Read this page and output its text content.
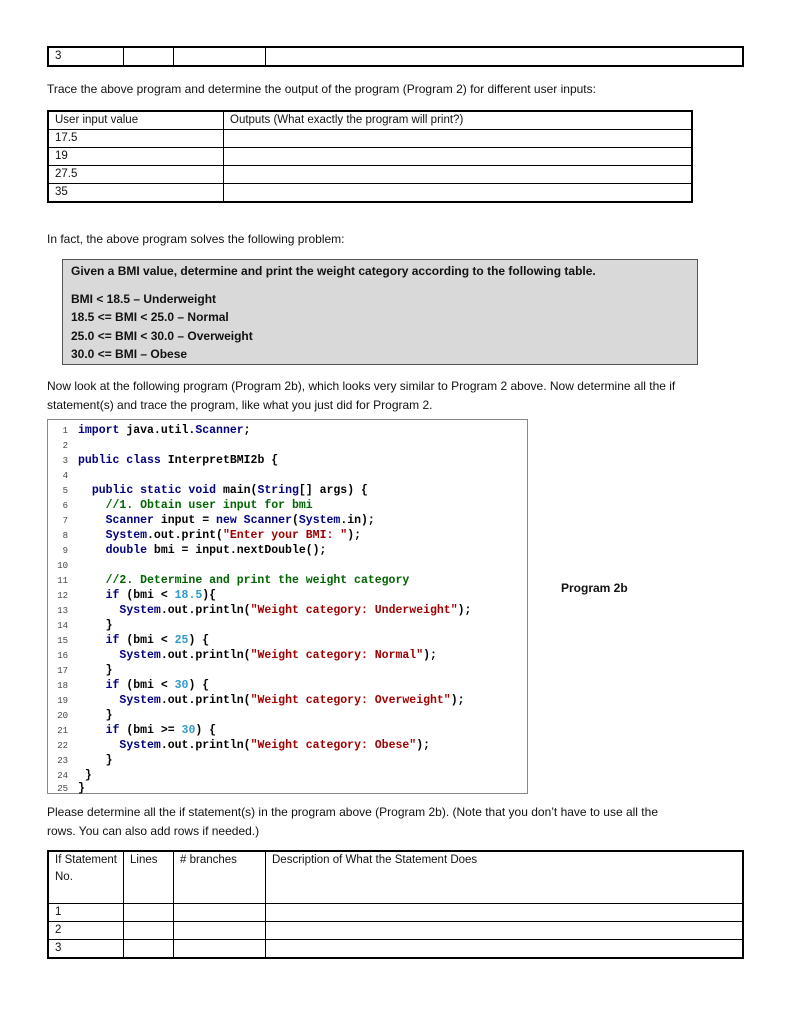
3			
Trace the above program and determine the output of the program (Program 2) for different user inputs:
User input value	Outputs (What exactly the program will print?)
17.5	
19	
27.5	
35	
In fact, the above program solves the following problem:
Given a BMI value, determine and print the weight category according to the following table.
BMI < 18.5 – Underweight
18.5 <= BMI < 25.0 – Normal
25.0 <= BMI < 30.0 – Overweight
30.0 <= BMI – Obese
Now look at the following program (Program 2b), which looks very similar to Program 2 above. Now determine all the if
statement(s) and trace the program, like what you just did for Program 2.
1 import java.util.Scanner;
2
3 public class InterpretBMI2b {
4
5 public static void main(String[] args) {
6	//1. Obtain user input for bmi
7	Scanner input = new Scanner(System.in);
8	System.out.print("Enter your BMI: ");
9	double bmi = input.nextDouble();
10
11	//2. Determine and print the weight category
12	if (bmi < 18.5){
13	System.out.println("Weight category: Underweight");
14	}
15	if (bmi < 25) {
16	System.out.println("Weight category: Normal");
17	}
18	if (bmi < 30) {
19	System.out.println("Weight category: Overweight");
20	}
21	if (bmi >= 30) {
22	System.out.println("Weight category: Obese");
23	}
24 }
25 }
Program 2b
Please determine all the if statement(s) in the program above (Program 2b). (Note that you don’t have to use all the
rows. You can also add rows if needed.)
If Statement No.	Lines	# branches	Description of What the Statement Does
1			
2			
3			
